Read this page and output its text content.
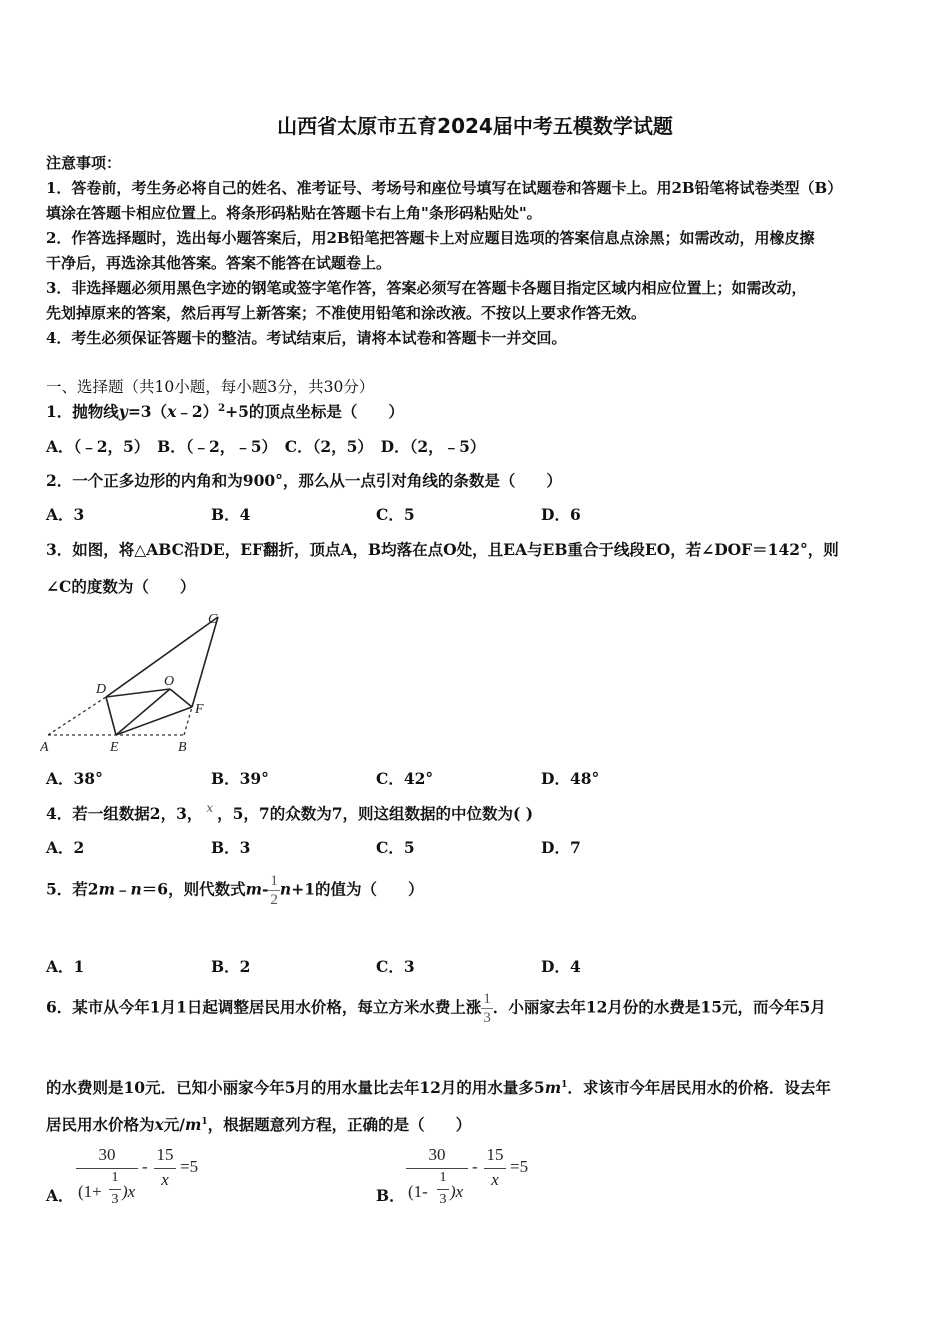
山西省太原市五育2024届中考五模数学试题
注意事项：
1．答卷前，考生务必将自己的姓名、准考证号、考场号和座位号填写在试题卷和答题卡上。用2B铅笔将试卷类型（B）
填涂在答题卡相应位置上。将条形码粘贴在答题卡右上角"条形码粘贴处"。
2．作答选择题时，选出每小题答案后，用2B铅笔把答题卡上对应题目选项的答案信息点涂黑；如需改动，用橡皮擦
干净后，再选涂其他答案。答案不能答在试题卷上。
3．非选择题必须用黑色字迹的钢笔或签字笔作答，答案必须写在答题卡各题目指定区域内相应位置上；如需改动，
先划掉原来的答案，然后再写上新答案；不准使用铅笔和涂改液。不按以上要求作答无效。
4．考生必须保证答题卡的整洁。考试结束后，请将本试卷和答题卡一并交回。
一、选择题（共10小题，每小题3分，共30分）
1．抛物线y=3（x﹣2）$^2$+5的顶点坐标是（　　）
A．（﹣2，5）　B．（﹣2，﹣5）　C．（2，5）　D．（2，﹣5）
2．一个正多边形的内角和为900°，那么从一点引对角线的条数是（　　）
A．3	B．4	C．5	D．6
3．如图，将△ABC沿DE，EF翻折，顶点A，B均落在点O处，且EA与EB重合于线段EO，若∠DOF＝142°，则
∠C的度数为（　　）
A	B
C
D
E
F
O
A．38°	B．39°	C．42°	D．48°
4．若一组数据2，3， $^x$ ，5，7的众数为7，则这组数据的中位数为( )
A．2	B．3	C．5	D．7
5．若2m﹣n＝6，则代数式$m- \frac{1}{2} n+1$的值为（　　）
A．1	B．2	C．3	D．4
6．某市从今年1月1日起调整居民用水价格，每立方米水费上涨 $\frac{1}{3}$ ．小丽家去年12月份的水费是15元，而今年5月
的水费则是10元．已知小丽家今年5月的用水量比去年12月的用水量多$5m^1$．求该市今年居民用水的价格．设去年
居民用水价格为x元$/m^1$，根据题意列方程，正确的是（　　）
A．
30
(1+
1
3 )x
-
15
x
=5
B．
30
(1-
1
3 )x
-
15
x
=5
